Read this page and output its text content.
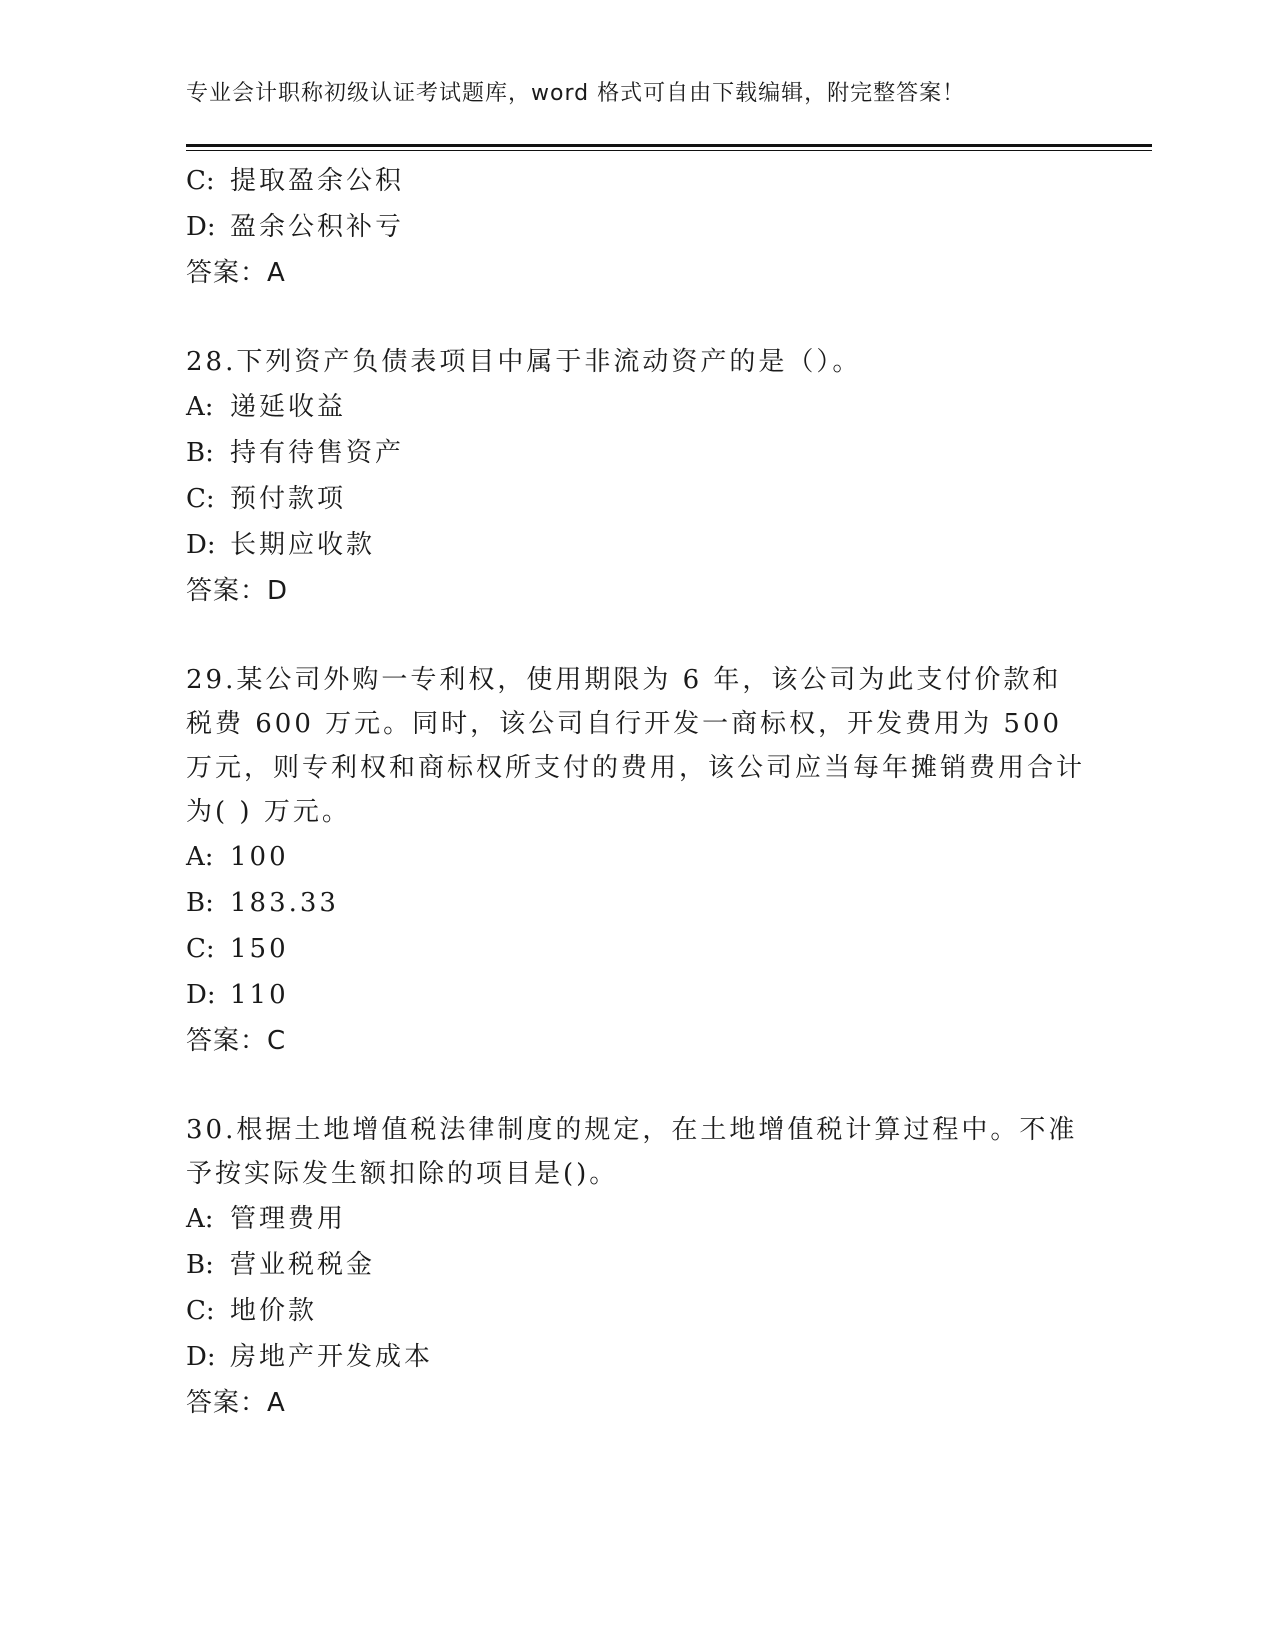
专业会计职称初级认证考试题库，word 格式可自由下载编辑，附完整答案！
C: 提取盈余公积
D: 盈余公积补亏
答案：A
28.下列资产负债表项目中属于非流动资产的是（）。
A: 递延收益
B: 持有待售资产
C: 预付款项
D: 长期应收款
答案：D
29.某公司外购一专利权，使用期限为 6 年，该公司为此支付价款和税费 600 万元。同时，该公司自行开发一商标权，开发费用为 500 万元，则专利权和商标权所支付的费用，该公司应当每年摊销费用合计为( ) 万元。
A: 100
B: 183.33
C: 150
D: 110
答案：C
30.根据土地增值税法律制度的规定，在土地增值税计算过程中。不准予按实际发生额扣除的项目是()。
A: 管理费用
B: 营业税税金
C: 地价款
D: 房地产开发成本
答案：A
